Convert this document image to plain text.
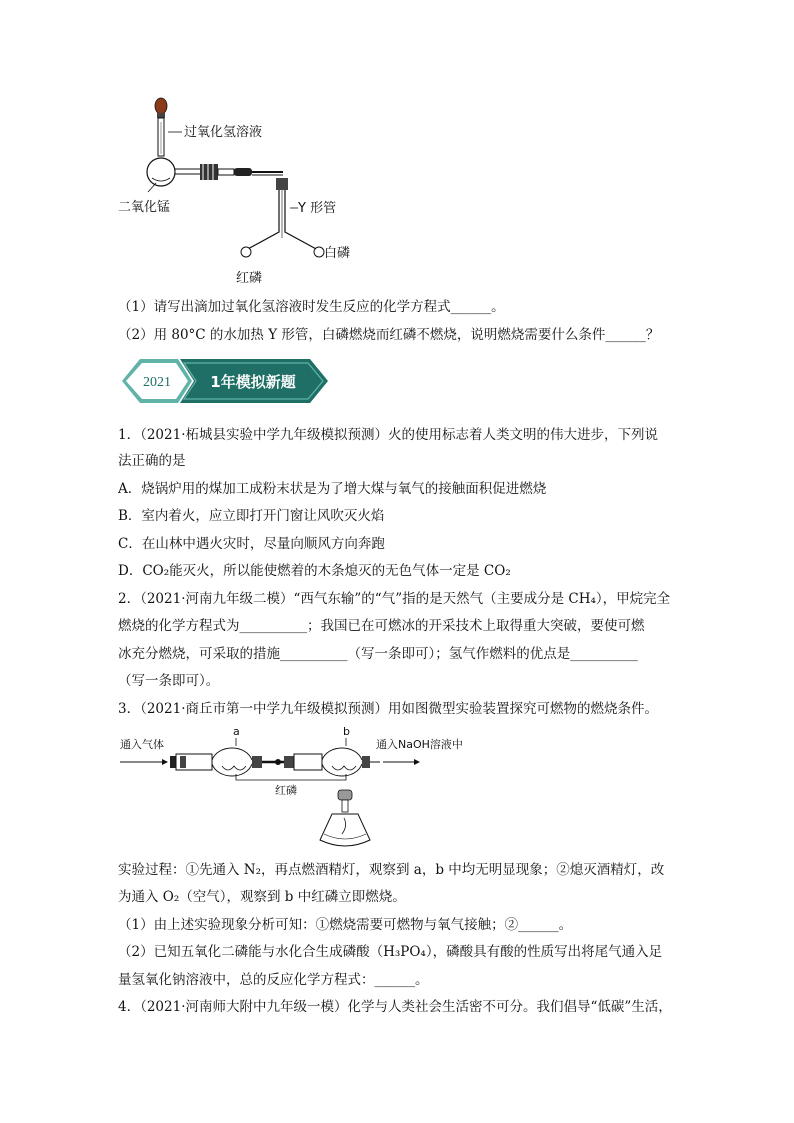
过氧化氢溶液
二氧化锰	Y 形管
白磷
红磷
（1）请写出滴加过氧化氢溶液时发生反应的化学方程式______。
（2）用 80°C 的水加热 Y 形管，白磷燃烧而红磷不燃烧，说明燃烧需要什么条件______？
2021	1年模拟新题
1．（2021·柘城县实验中学九年级模拟预测）火的使用标志着人类文明的伟大进步，下列说
法正确的是
A．烧锅炉用的煤加工成粉末状是为了增大煤与氧气的接触面积促进燃烧
B．室内着火，应立即打开门窗让风吹灭火焰
C．在山林中遇火灾时，尽量向顺风方向奔跑
D．CO₂能灭火，所以能使燃着的木条熄灭的无色气体一定是 CO₂
2．（2021·河南九年级二模）“西气东输”的“气”指的是天然气（主要成分是 CH₄），甲烷完全
燃烧的化学方程式为__________；我国已在可燃冰的开采技术上取得重大突破，要使可燃
冰充分燃烧，可采取的措施__________（写一条即可）；氢气作燃料的优点是__________
（写一条即可）。
3．（2021·商丘市第一中学九年级模拟预测）用如图微型实验装置探究可燃物的燃烧条件。
通入气体
a	b
通入NaOH溶液中
红磷
实验过程：①先通入 N₂，再点燃酒精灯，观察到 a，b 中均无明显现象；②熄灭酒精灯，改
为通入 O₂（空气），观察到 b 中红磷立即燃烧。
（1）由上述实验现象分析可知：①燃烧需要可燃物与氧气接触；②______。
（2）已知五氧化二磷能与水化合生成磷酸（H₃PO₄），磷酸具有酸的性质写出将尾气通入足
量氢氧化钠溶液中，总的反应化学方程式：______。
4．（2021·河南师大附中九年级一模）化学与人类社会生活密不可分。我们倡导“低碳”生活，
